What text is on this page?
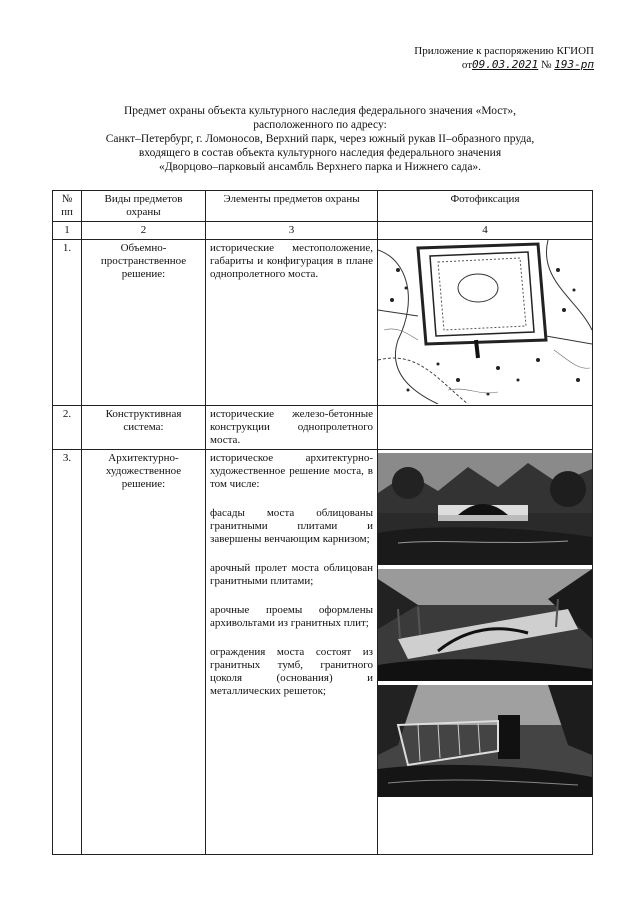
Приложение к распоряжению КГИОП
от09.03.2021 № 193-рп
Предмет охраны объекта культурного наследия федерального значения «Мост»,
расположенного по адресу:
Санкт–Петербург, г. Ломоносов, Верхний парк, через южный рукав II–образного пруда,
входящего в состав объекта культурного наследия федерального значения
«Дворцово–парковый ансамбль Верхнего парка и Нижнего сада».
№ пп	Виды предметов охраны	Элементы предметов охраны	Фотофиксация
1	2	3	4
1.	Объемно-пространственное решение:	исторические местоположение, габариты и конфигурация в плане однопролетного моста.

2.	Конструктивная система:	исторические железо-бетонные конструкции однопролетного моста.	

3.	Архитектурно-художественное решение:	историческое архитектурно-художественное решение моста, в том числе:

фасады моста облицованы гранитными плитами и завершены венчающим карнизом;

арочный пролет моста облицован гранитными плитами;

арочные проемы оформлены архивольтами из гранитных плит;

ограждения моста состоят из гранитных тумб, гранитного цоколя (основания) и металлических решеток;
